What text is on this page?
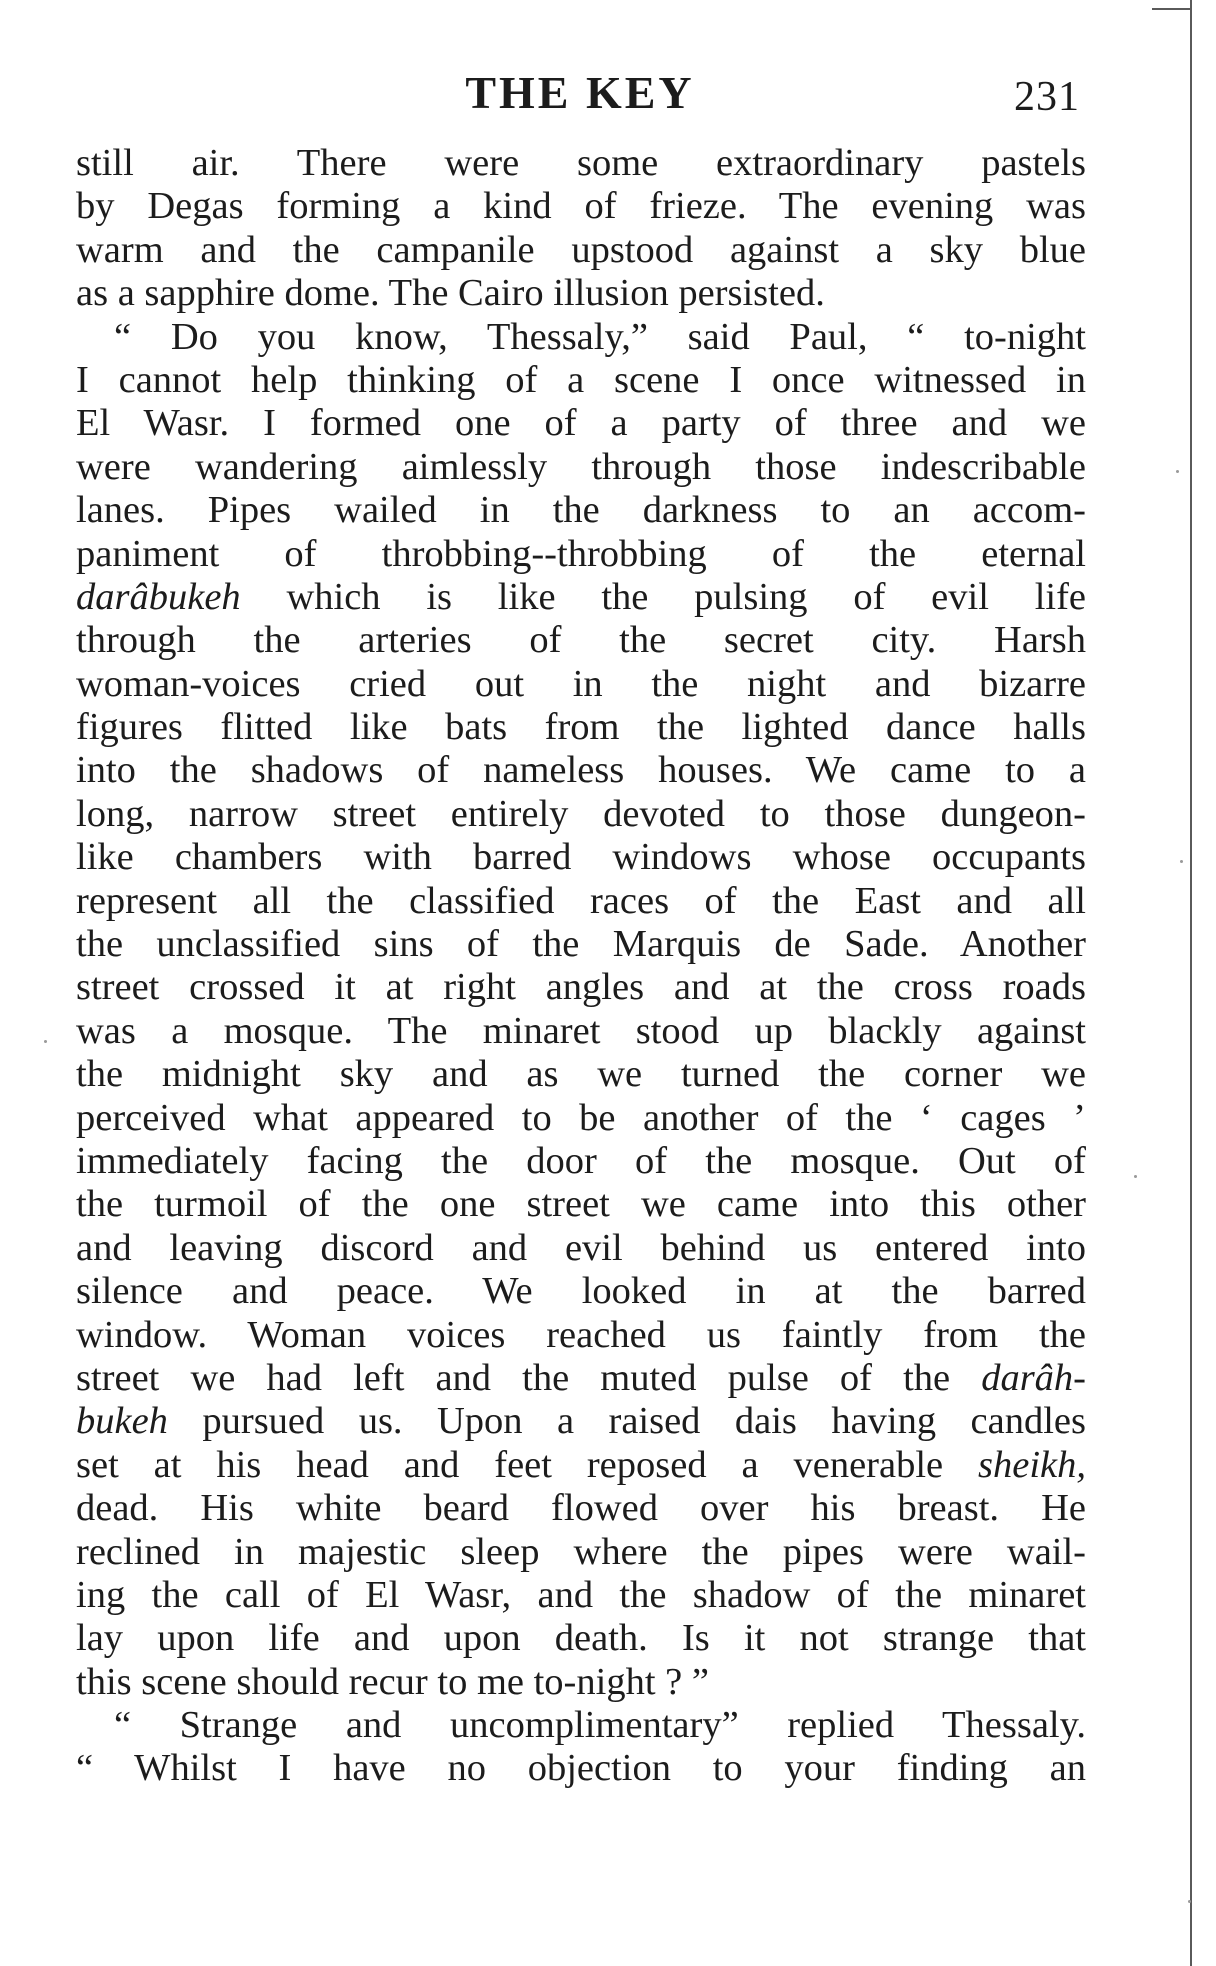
THE KEY	231
still air. There were some extraordinary pastels
by Degas forming a kind of frieze. The evening was
warm and the campanile upstood against a sky blue
as a sapphire dome. The Cairo illusion persisted.
“ Do you know, Thessaly,” said Paul, “ to-night
I cannot help thinking of a scene I once witnessed in
El Wasr. I formed one of a party of three and we
were wandering aimlessly through those indescribable
lanes. Pipes wailed in the darkness to an accom-
paniment of throbbing--throbbing of the eternal
darâbukeh which is like the pulsing of evil life
through the arteries of the secret city. Harsh
woman-voices cried out in the night and bizarre
figures flitted like bats from the lighted dance halls
into the shadows of nameless houses. We came to a
long, narrow street entirely devoted to those dungeon-
like chambers with barred windows whose occupants
represent all the classified races of the East and all
the unclassified sins of the Marquis de Sade. Another
street crossed it at right angles and at the cross roads
was a mosque. The minaret stood up blackly against
the midnight sky and as we turned the corner we
perceived what appeared to be another of the ‘ cages ’
immediately facing the door of the mosque. Out of
the turmoil of the one street we came into this other
and leaving discord and evil behind us entered into
silence and peace. We looked in at the barred
window. Woman voices reached us faintly from the
street we had left and the muted pulse of the darâh-
bukeh pursued us. Upon a raised dais having candles
set at his head and feet reposed a venerable sheikh,
dead. His white beard flowed over his breast. He
reclined in majestic sleep where the pipes were wail-
ing the call of El Wasr, and the shadow of the minaret
lay upon life and upon death. Is it not strange that
this scene should recur to me to-night ? ”
“ Strange and uncomplimentary” replied Thessaly.
“ Whilst I have no objection to your finding an
